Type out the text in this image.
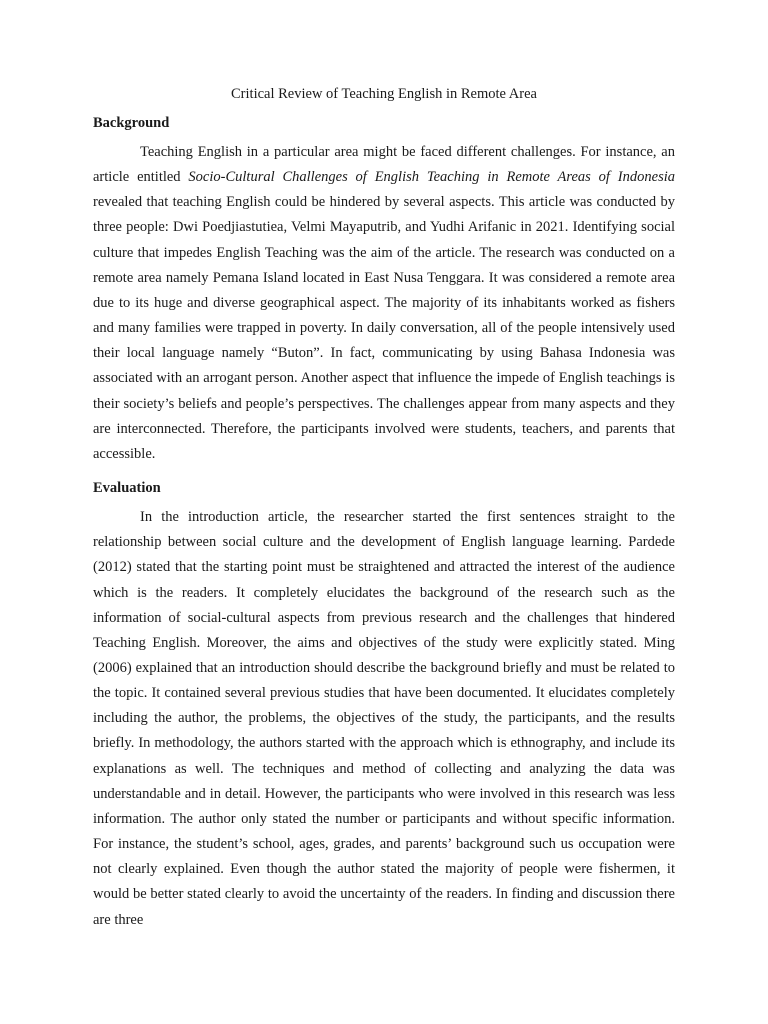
Critical Review of Teaching English in Remote Area

Background

Teaching English in a particular area might be faced different challenges. For instance, an article entitled Socio-Cultural Challenges of English Teaching in Remote Areas of Indonesia revealed that teaching English could be hindered by several aspects. This article was conducted by three people: Dwi Poedjiastutiea, Velmi Mayaputrib, and Yudhi Arifanic in 2021. Identifying social culture that impedes English Teaching was the aim of the article. The research was conducted on a remote area namely Pemana Island located in East Nusa Tenggara. It was considered a remote area due to its huge and diverse geographical aspect. The majority of its inhabitants worked as fishers and many families were trapped in poverty. In daily conversation, all of the people intensively used their local language namely “Buton”. In fact, communicating by using Bahasa Indonesia was associated with an arrogant person. Another aspect that influence the impede of English teachings is their society’s beliefs and people’s perspectives. The challenges appear from many aspects and they are interconnected. Therefore, the participants involved were students, teachers, and parents that accessible.

Evaluation

In the introduction article, the researcher started the first sentences straight to the relationship between social culture and the development of English language learning. Pardede (2012) stated that the starting point must be straightened and attracted the interest of the audience which is the readers. It completely elucidates the background of the research such as the information of social-cultural aspects from previous research and the challenges that hindered Teaching English. Moreover, the aims and objectives of the study were explicitly stated. Ming (2006) explained that an introduction should describe the background briefly and must be related to the topic. It contained several previous studies that have been documented. It elucidates completely including the author, the problems, the objectives of the study, the participants, and the results briefly. In methodology, the authors started with the approach which is ethnography, and include its explanations as well. The techniques and method of collecting and analyzing the data was understandable and in detail. However, the participants who were involved in this research was less information. The author only stated the number or participants and without specific information. For instance, the student’s school, ages, grades, and parents’ background such us occupation were not clearly explained. Even though the author stated the majority of people were fishermen, it would be better stated clearly to avoid the uncertainty of the readers. In finding and discussion there are three
